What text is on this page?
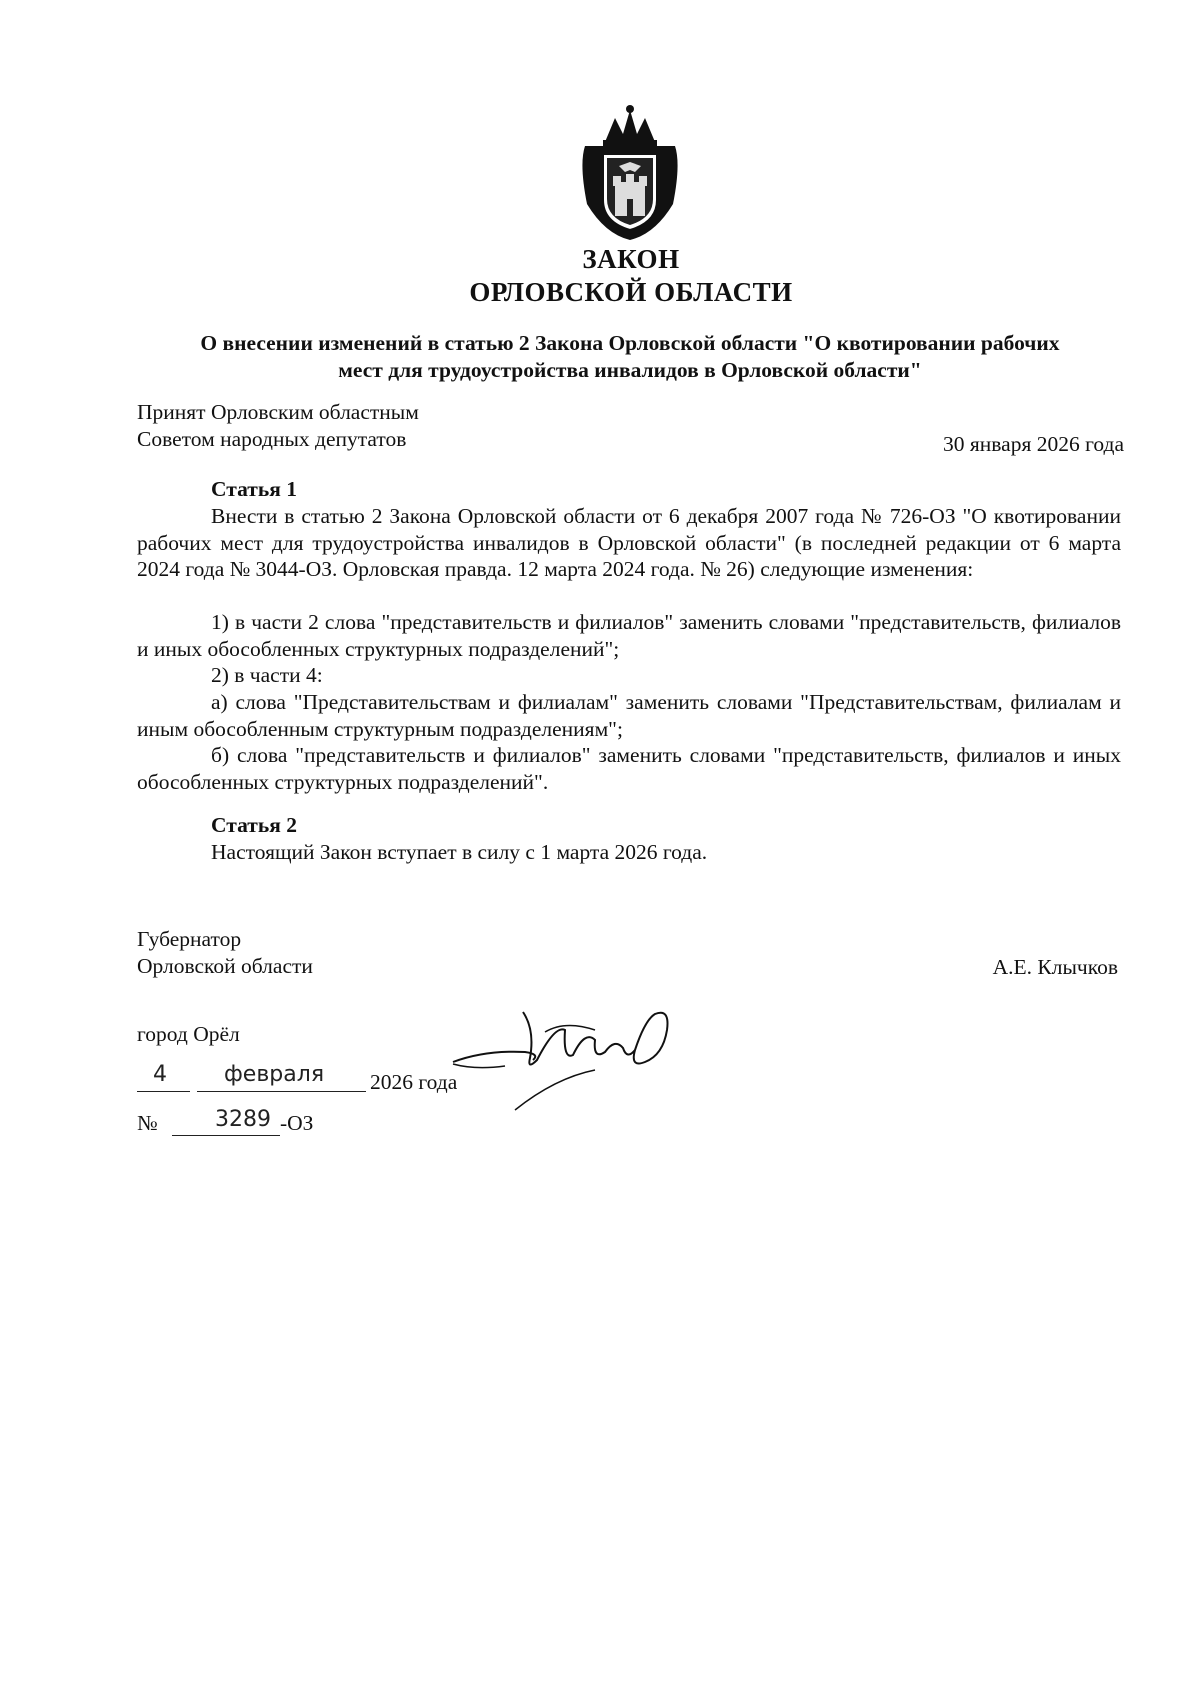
ЗАКОН
ОРЛОВСКОЙ ОБЛАСТИ
О внесении изменений в статью 2 Закона Орловской области "О квотировании рабочих
мест для трудоустройства инвалидов в Орловской области"
Принят Орловским областным
Советом народных депутатов	30 января 2026 года
Статья 1
Внести в статью 2 Закона Орловской области от 6 декабря 2007 года № 726-ОЗ "О квотировании рабочих мест для трудоустройства инвалидов в Орловской области" (в последней редакции от 6 марта 2024 года № 3044-ОЗ. Орловская правда. 12 марта 2024 года. № 26) следующие изменения:
1) в части 2 слова "представительств и филиалов" заменить словами "представительств, филиалов и иных обособленных структурных подразделений";
2) в части 4:
а) слова "Представительствам и филиалам" заменить словами "Представительствам, филиалам и иным обособленным структурным подразделениям";
б) слова "представительств и филиалов" заменить словами "представительств, филиалов и иных обособленных структурных подразделений".
Статья 2
Настоящий Закон вступает в силу с 1 марта 2026 года.
Губернатор
Орловской области	А.Е. Клычков
город Орёл
4	февраля 2026 года
№	3289 -ОЗ
